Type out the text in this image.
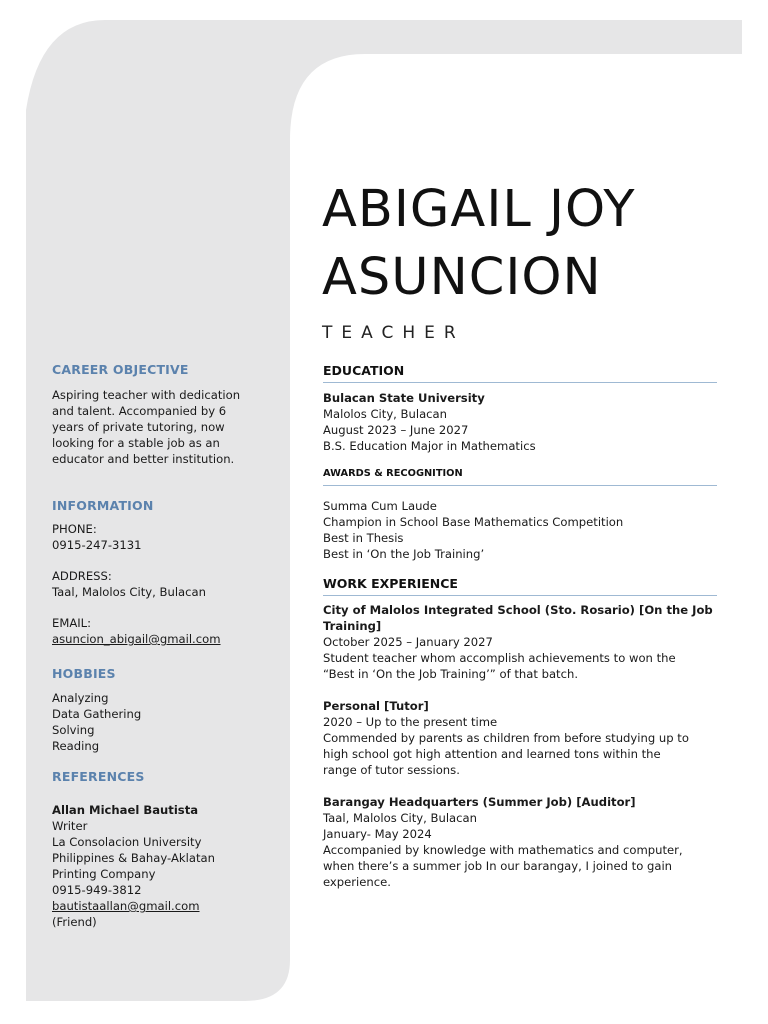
ABIGAIL JOY
ASUNCION
TEACHER
CAREER OBJECTIVE

Aspiring teacher with dedication

and talent. Accompanied by 6

years of private tutoring, now

looking for a stable job as an

educator and better institution.

INFORMATION

PHONE:

0915-247-3131

ADDRESS:

Taal, Malolos City, Bulacan

EMAIL:

asuncion_abigail@gmail.com

HOBBIES

Analyzing

Data Gathering

Solving

Reading

REFERENCES

Allan Michael Bautista

Writer

La Consolacion University

Philippines & Bahay-Aklatan

Printing Company

0915-949-3812

bautistaallan@gmail.com

(Friend)

EDUCATION

Bulacan State University

Malolos City, Bulacan

August 2023 – June 2027

B.S. Education Major in Mathematics

AWARDS & RECOGNITION

Summa Cum Laude

Champion in School Base Mathematics Competition

Best in Thesis

Best in ‘On the Job Training’

WORK EXPERIENCE

City of Malolos Integrated School (Sto. Rosario) [On the Job

Training]

October 2025 – January 2027

Student teacher whom accomplish achievements to won the

“Best in ‘On the Job Training’” of that batch.

Personal [Tutor]

2020 – Up to the present time

Commended by parents as children from before studying up to

high school got high attention and learned tons within the

range of tutor sessions.

Barangay Headquarters (Summer Job) [Auditor]

Taal, Malolos City, Bulacan

January- May 2024

Accompanied by knowledge with mathematics and computer,

when there’s a summer job In our barangay, I joined to gain

experience.
